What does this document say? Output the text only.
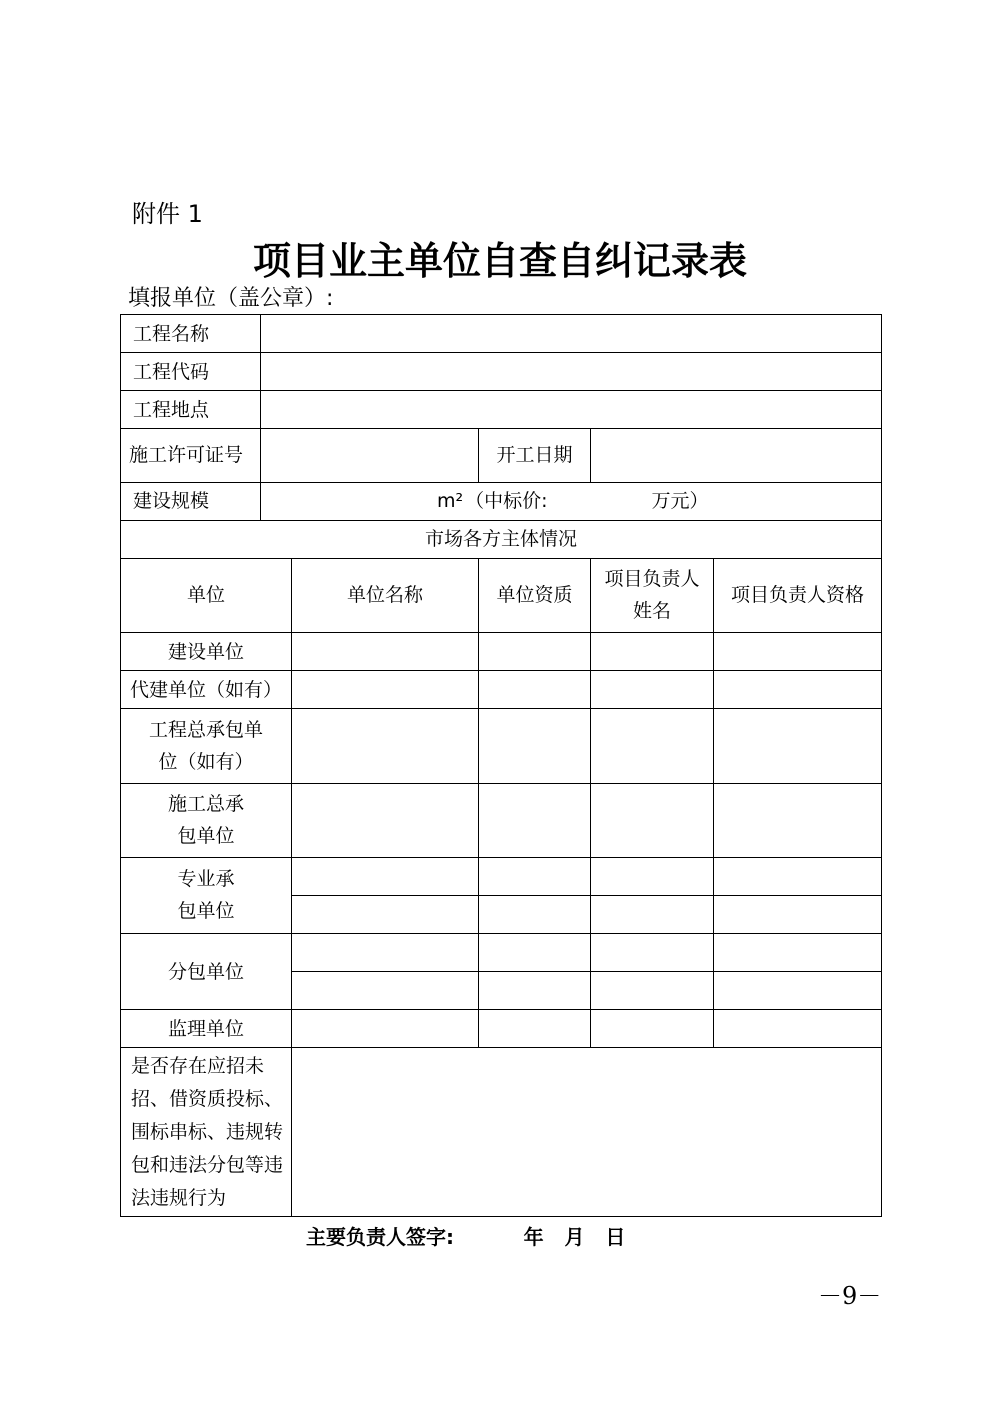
附件 1
项目业主单位自查自纠记录表
填报单位（盖公章）:
工程名称					
工程代码					
工程地点					
施工许可证号			开工日期		
建设规模	m² （中标价: 万元）				
市场各方主体情况					
单位		单位名称	单位资质	项目负责人姓名	项目负责人资格
建设单位					
代建单位（如有）					
工程总承包单位（如有）					
施工总承包单位					
专业承包单位					

分包单位					

监理单位					
是否存在应招未招、借资质投标、围标串标、违规转包和违法分包等违法违规行为					
主要负责人签字:          年   月   日
－9－
